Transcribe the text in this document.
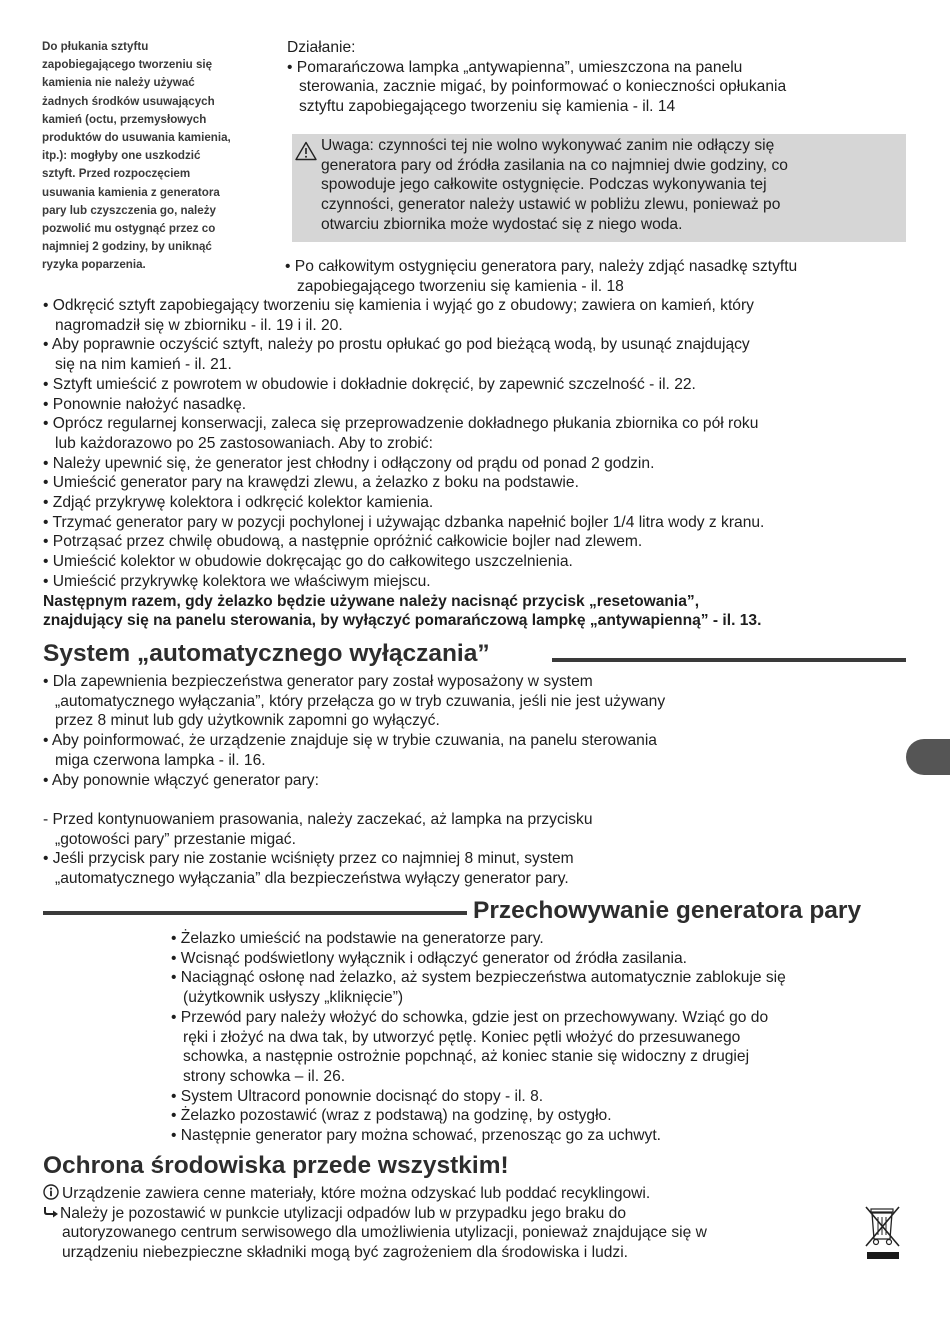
Do płukania sztyftu
zapobiegającego tworzeniu się
kamienia nie należy używać
żadnych środków usuwających
kamień (octu, przemysłowych
produktów do usuwania kamienia,
itp.): mogłyby one uszkodzić
sztyft. Przed rozpoczęciem
usuwania kamienia z generatora
pary lub czyszczenia go, należy
pozwolić mu ostygnąć przez co
najmniej 2 godziny, by uniknąć
ryzyka poparzenia.
Działanie:
• Pomarańczowa lampka „antywapienna”, umieszczona na panelu
sterowania, zacznie migać, by poinformować o konieczności opłukania
sztyftu zapobiegającego tworzeniu się kamienia - il. 14
Uwaga: czynności tej nie wolno wykonywać zanim nie odłączy się
generatora pary od źródła zasilania na co najmniej dwie godziny, co
spowoduje jego całkowite ostygnięcie. Podczas wykonywania tej
czynności, generator należy ustawić w pobliżu zlewu, ponieważ po
otwarciu zbiornika może wydostać się z niego woda.
• Po całkowitym ostygnięciu generatora pary, należy zdjąć nasadkę sztyftu
zapobiegającego tworzeniu się kamienia - il. 18
• Odkręcić sztyft zapobiegający tworzeniu się kamienia i wyjąć go z obudowy; zawiera on kamień, który
nagromadził się w zbiorniku - il. 19 i il. 20.
• Aby poprawnie oczyścić sztyft, należy po prostu opłukać go pod bieżącą wodą, by usunąć znajdujący
się na nim kamień - il. 21.
• Sztyft umieścić z powrotem w obudowie i dokładnie dokręcić, by zapewnić szczelność - il. 22.
• Ponownie nałożyć nasadkę.
• Oprócz regularnej konserwacji, zaleca się przeprowadzenie dokładnego płukania zbiornika co pół roku
lub każdorazowo po 25 zastosowaniach. Aby to zrobić:
• Należy upewnić się, że generator jest chłodny i odłączony od prądu od ponad 2 godzin.
• Umieścić generator pary na krawędzi zlewu, a żelazko z boku na podstawie.
• Zdjąć przykrywę kolektora i odkręcić kolektor kamienia.
• Trzymać generator pary w pozycji pochylonej i używając dzbanka napełnić bojler 1/4 litra wody z kranu.
• Potrząsać przez chwilę obudową, a następnie opróżnić całkowicie bojler nad zlewem.
• Umieścić kolektor w obudowie dokręcając go do całkowitego uszczelnienia.
• Umieścić przykrywkę kolektora we właściwym miejscu.
Następnym razem, gdy żelazko będzie używane należy nacisnąć przycisk „resetowania”,
znajdujący się na panelu sterowania, by wyłączyć pomarańczową lampkę „antywapienną” - il. 13.
System „automatycznego wyłączania”
• Dla zapewnienia bezpieczeństwa generator pary został wyposażony w system
„automatycznego wyłączania”, który przełącza go w tryb czuwania, jeśli nie jest używany
przez 8 minut lub gdy użytkownik zapomni go wyłączyć.
• Aby poinformować, że urządzenie znajduje się w trybie czuwania, na panelu sterowania
miga czerwona lampka - il. 16.
• Aby ponownie włączyć generator pary:
- Przed kontynuowaniem prasowania, należy zaczekać, aż lampka na przycisku
„gotowości pary” przestanie migać.
• Jeśli przycisk pary nie zostanie wciśnięty przez co najmniej 8 minut, system
„automatycznego wyłączania” dla bezpieczeństwa wyłączy generator pary.
Przechowywanie generatora pary
• Żelazko umieścić na podstawie na generatorze pary.
• Wcisnąć podświetlony wyłącznik i odłączyć generator od źródła zasilania.
• Naciągnąć osłonę nad żelazko, aż system bezpieczeństwa automatycznie zablokuje się
(użytkownik usłyszy „kliknięcie”)
• Przewód pary należy włożyć do schowka, gdzie jest on przechowywany. Wziąć go do
ręki i złożyć na dwa tak, by utworzyć pętlę. Koniec pętli włożyć do przesuwanego
schowka, a następnie ostrożnie popchnąć, aż koniec stanie się widoczny z drugiej
strony schowka – il. 26.
• System Ultracord ponownie docisnąć do stopy - il. 8.
• Żelazko pozostawić (wraz z podstawą) na godzinę, by ostygło.
• Następnie generator pary można schować, przenosząc go za uchwyt.
Ochrona środowiska przede wszystkim!
Urządzenie zawiera cenne materiały, które można odzyskać lub poddać recyklingowi.
Należy je pozostawić w punkcie utylizacji odpadów lub w przypadku jego braku do
autoryzowanego centrum serwisowego dla umożliwienia utylizacji, ponieważ znajdujące się w
urządzeniu niebezpieczne składniki mogą być zagrożeniem dla środowiska i ludzi.
